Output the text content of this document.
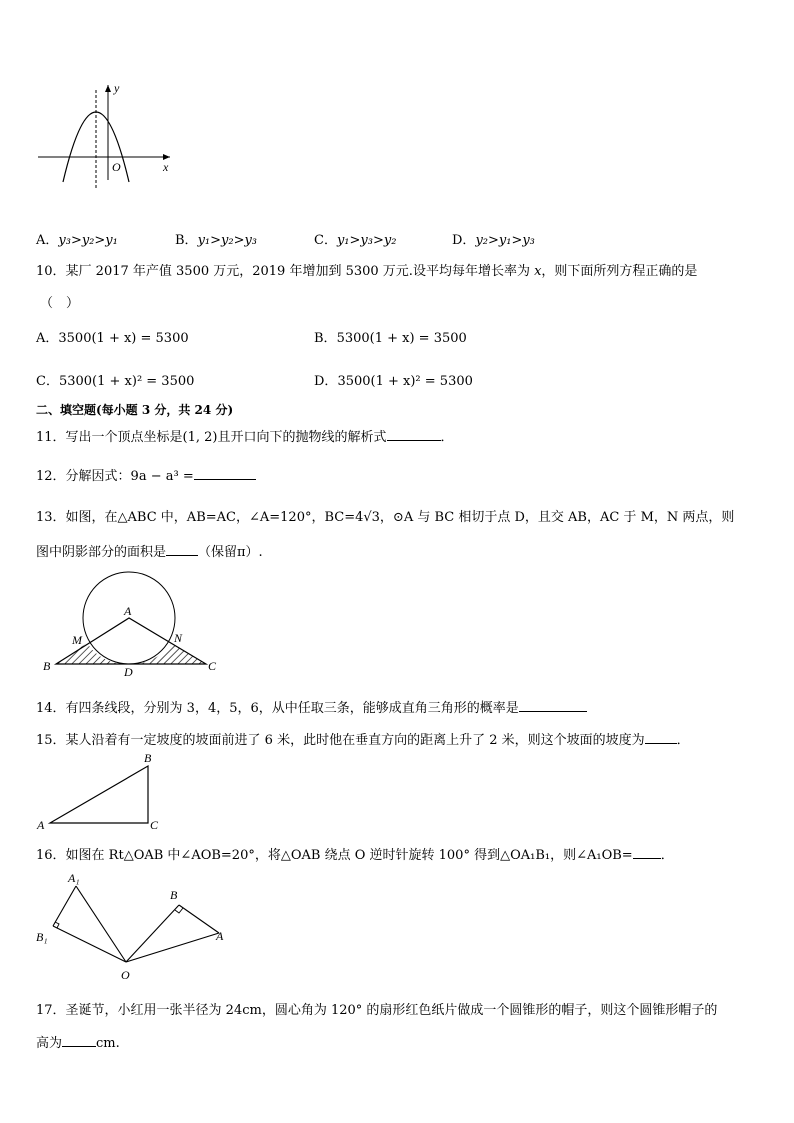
y
x
O
A．y₃>y₂>y₁	B．y₁>y₂>y₃	C．y₁>y₃>y₂	D．y₂>y₁>y₃
10．某厂 2017 年产值 3500 万元，2019 年增加到 5300 万元.设平均每年增长率为 x，则下面所列方程正确的是
（　）
A．3500(1 + x) = 5300	B．5300(1 + x) = 3500
C．5300(1 + x)² = 3500	D．3500(1 + x)² = 5300
二、填空题(每小题 3 分，共 24 分)
11．写出一个顶点坐标是(1, 2)且开口向下的抛物线的解析式	．
12．分解因式：9a − a³ =
13．如图，在△ABC 中，AB=AC，∠A=120°，BC=4√3，⊙A 与 BC 相切于点 D，且交 AB，AC 于 M，N 两点，则
图中阴影部分的面积是 （保留π）.
A
M	N
B	D	C
14．有四条线段，分别为 3，4，5，6，从中任取三条，能够成直角三角形的概率是
15．某人沿着有一定坡度的坡面前进了 6 米，此时他在垂直方向的距离上升了 2 米，则这个坡面的坡度为 ．
B
A	C
16．如图在 Rt△OAB 中∠AOB=20°，将△OAB 绕点 O 逆时针旋转 100° 得到△OA₁B₁，则∠A₁OB= ．
A₁
B₁
O
B
A
17．圣诞节，小红用一张半径为 24cm，圆心角为 120° 的扇形红色纸片做成一个圆锥形的帽子，则这个圆锥形帽子的
高为	cm.
